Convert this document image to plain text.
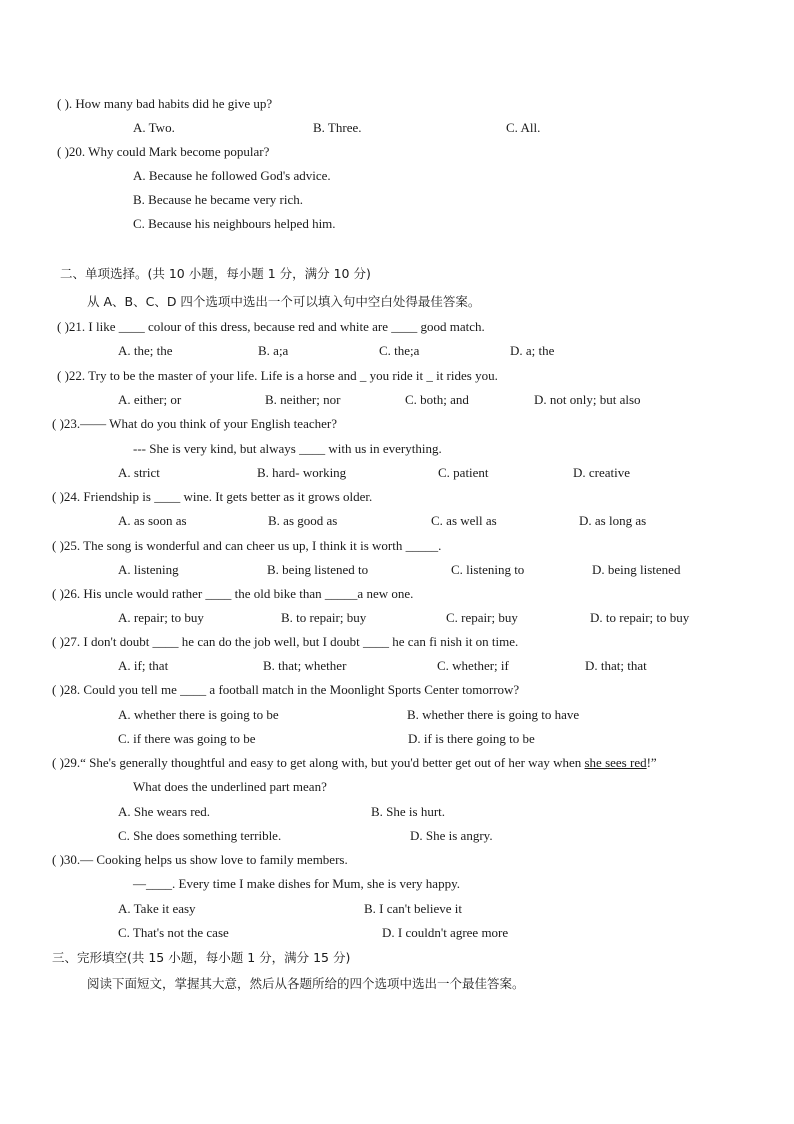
( ). How many bad habits did he give up?
A. Two.	B. Three.	C. All.
( )20. Why could Mark become popular?
A. Because he followed God's advice.
B. Because he became very rich.
C. Because his neighbours helped him.
二、单项选择。(共 10 小题，每小题 1 分，满分 10 分)
从 A、B、C、D 四个选项中选出一个可以填入句中空白处得最佳答案。
( )21. I like ____ colour of this dress, because red and white are ____ good match.
A. the; the	B. a;a	C. the;a	D. a; the
( )22. Try to be the master of your life. Life is a horse and _ you ride it _ it rides you.
A. either; or	B. neither; nor	C. both; and	D. not only; but also
( )23.—— What do you think of your English teacher?
--- She is very kind, but always ____ with us in everything.
A. strict	B. hard- working	C. patient	D. creative
( )24. Friendship is ____ wine. It gets better as it grows older.
A. as soon as	B. as good as	C. as well as	D. as long as
( )25. The song is wonderful and can cheer us up, I think it is worth _____.
A. listening	B. being listened to	C. listening to	D. being listened
( )26. His uncle would rather ____ the old bike than _____a new one.
A. repair; to buy	B. to repair; buy	C. repair; buy	D. to repair; to buy
( )27. I don't doubt ____ he can do the job well, but I doubt ____ he can fi nish it on time.
A. if; that	B. that; whether	C. whether; if	D. that; that
( )28. Could you tell me ____ a football match in the Moonlight Sports Center tomorrow?
A. whether there is going to be	B. whether there is going to have
C. if there was going to be	D. if is there going to be
( )29.“ She's generally thoughtful and easy to get along with, but you'd better get out of her way when she sees red!”
What does the underlined part mean?
A. She wears red.	B. She is hurt.
C. She does something terrible.	D. She is angry.
( )30.— Cooking helps us show love to family members.
—____. Every time I make dishes for Mum, she is very happy.
A. Take it easy	B. I can't believe it
C. That's not the case	D. I couldn't agree more
三、完形填空(共 15 小题，每小题 1 分，满分 15 分)
阅读下面短文，掌握其大意，然后从各题所给的四个选项中选出一个最佳答案。
